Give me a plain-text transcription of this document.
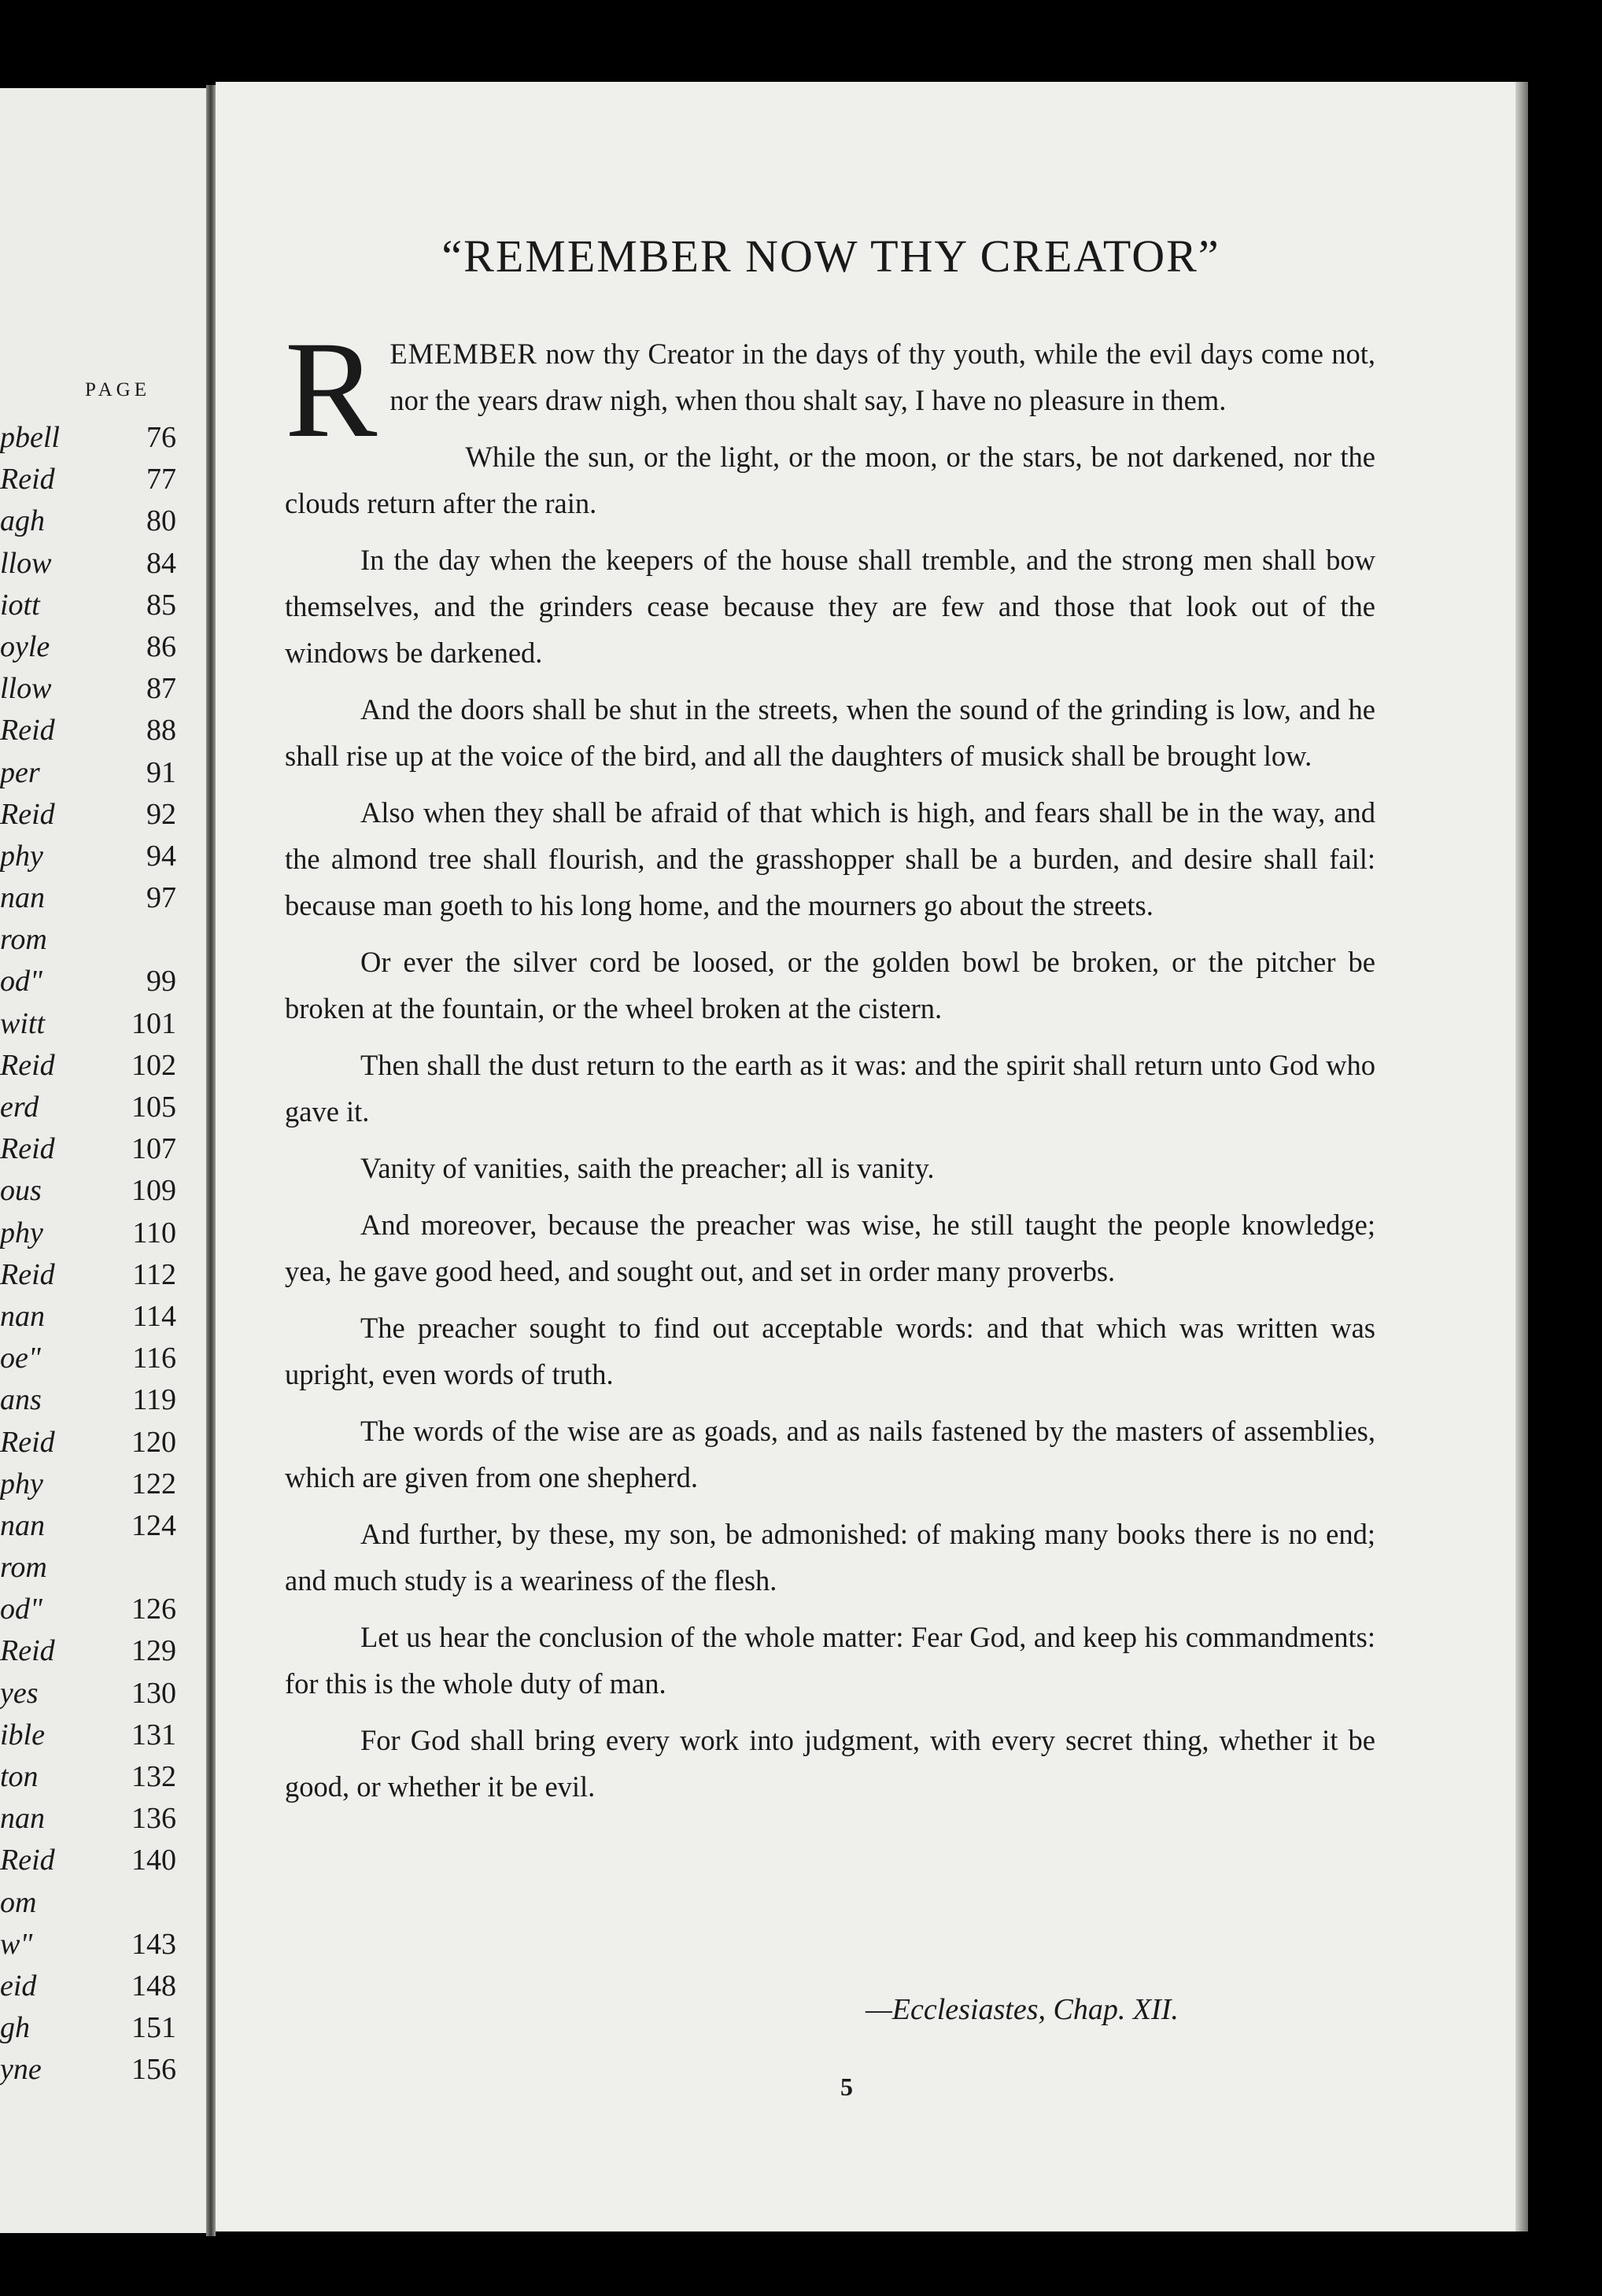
PAGE
pbell	76
Reid	77
agh	80
llow	84
iott	85
oyle	86
llow	87
Reid	88
per	91
Reid	92
phy	94
nan	97
rom
od"	99
witt	101
Reid	102
erd	105
Reid	107
ous	109
phy	110
Reid	112
nan	114
oe"	116
ans	119
Reid	120
phy	122
nan	124
rom
od"	126
Reid	129
yes	130
ible	131
ton	132
nan	136
Reid	140
om
w"	143
eid	148
gh	151
yne	156
“REMEMBER NOW THY CREATOR”

REMEMBER now thy Creator in the days of thy youth, while the evil days come not, nor the years draw nigh, when thou shalt say, I have no pleasure in them.

While the sun, or the light, or the moon, or the stars, be not darkened, nor the clouds return after the rain.

In the day when the keepers of the house shall tremble, and the strong men shall bow themselves, and the grinders cease because they are few and those that look out of the windows be darkened.

And the doors shall be shut in the streets, when the sound of the grinding is low, and he shall rise up at the voice of the bird, and all the daughters of musick shall be brought low.

Also when they shall be afraid of that which is high, and fears shall be in the way, and the almond tree shall flourish, and the grasshopper shall be a burden, and desire shall fail: because man goeth to his long home, and the mourners go about the streets.

Or ever the silver cord be loosed, or the golden bowl be broken, or the pitcher be broken at the fountain, or the wheel broken at the cistern.

Then shall the dust return to the earth as it was: and the spirit shall return unto God who gave it.

Vanity of vanities, saith the preacher; all is vanity.

And moreover, because the preacher was wise, he still taught the people knowledge; yea, he gave good heed, and sought out, and set in order many proverbs.

The preacher sought to find out acceptable words: and that which was written was upright, even words of truth.

The words of the wise are as goads, and as nails fastened by the masters of assemblies, which are given from one shepherd.

And further, by these, my son, be admonished: of making many books there is no end; and much study is a weariness of the flesh.

Let us hear the conclusion of the whole matter: Fear God, and keep his commandments: for this is the whole duty of man.

For God shall bring every work into judgment, with every secret thing, whether it be good, or whether it be evil.

—Ecclesiastes, Chap. XII.
5
